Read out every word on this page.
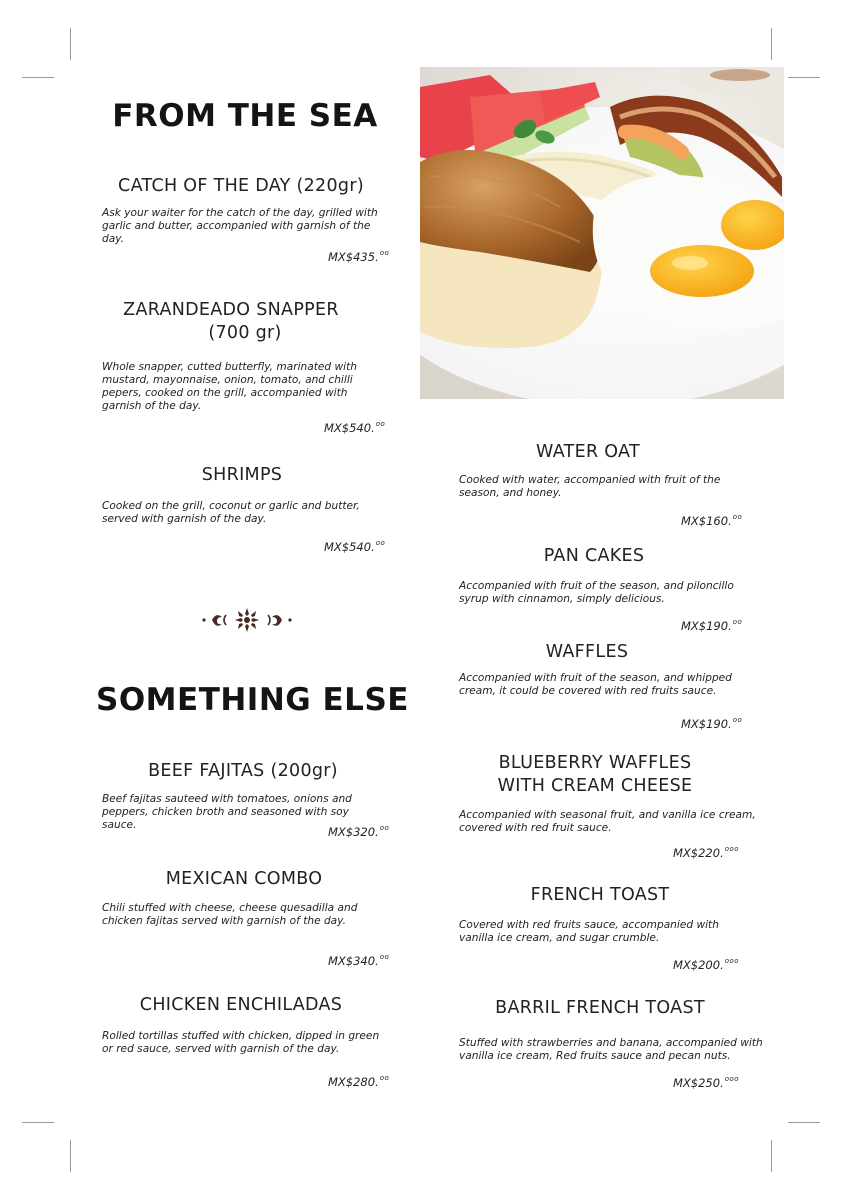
FROM THE SEA
CATCH OF THE DAY (220gr)
Ask your waiter for the catch of the day, grilled with garlic and butter, accompanied with garnish of the day.
MX$435.$^{oo}$
ZARANDEADO SNAPPER
(700 gr)
Whole snapper, cutted butterfly, marinated with mustard, mayonnaise, onion, tomato, and chilli pepers, cooked on the grill, accompanied with garnish of the day.
MX$540.$^{oo}$
SHRIMPS
Cooked on the grill, coconut or garlic and butter, served with garnish of the day.
MX$540.$^{oo}$
SOMETHING ELSE
BEEF FAJITAS (200gr)
Beef fajitas sauteed with tomatoes, onions and peppers, chicken broth and seasoned with soy sauce.	MX$320.$^{oo}$
MEXICAN COMBO
Chili stuffed with cheese, cheese quesadilla and chicken fajitas served with garnish of the day.
MX$340.$^{oo}$
CHICKEN ENCHILADAS
Rolled tortillas stuffed with chicken, dipped in green or red sauce, served with garnish of the day.
MX$280.$^{oo}$
WATER OAT
Cooked with water, accompanied with fruit of the season, and honey.
MX$160.$^{oo}$
PAN CAKES
Accompanied with fruit of the season, and piloncillo syrup with cinnamon, simply delicious.
MX$190.$^{oo}$
WAFFLES
Accompanied with fruit of the season, and whipped cream, it could be covered with red fruits sauce.
MX$190.$^{oo}$
BLUEBERRY WAFFLES
WITH CREAM CHEESE
Accompanied with seasonal fruit, and vanilla ice cream, covered with red fruit sauce.
MX$220.$^{ooo}$
FRENCH TOAST
Covered with red fruits sauce, accompanied with vanilla ice cream, and sugar crumble.
MX$200.$^{ooo}$
BARRIL FRENCH TOAST
Stuffed with strawberries and banana, accompanied with vanilla ice cream, Red fruits sauce and pecan nuts.
MX$250.$^{ooo}$
